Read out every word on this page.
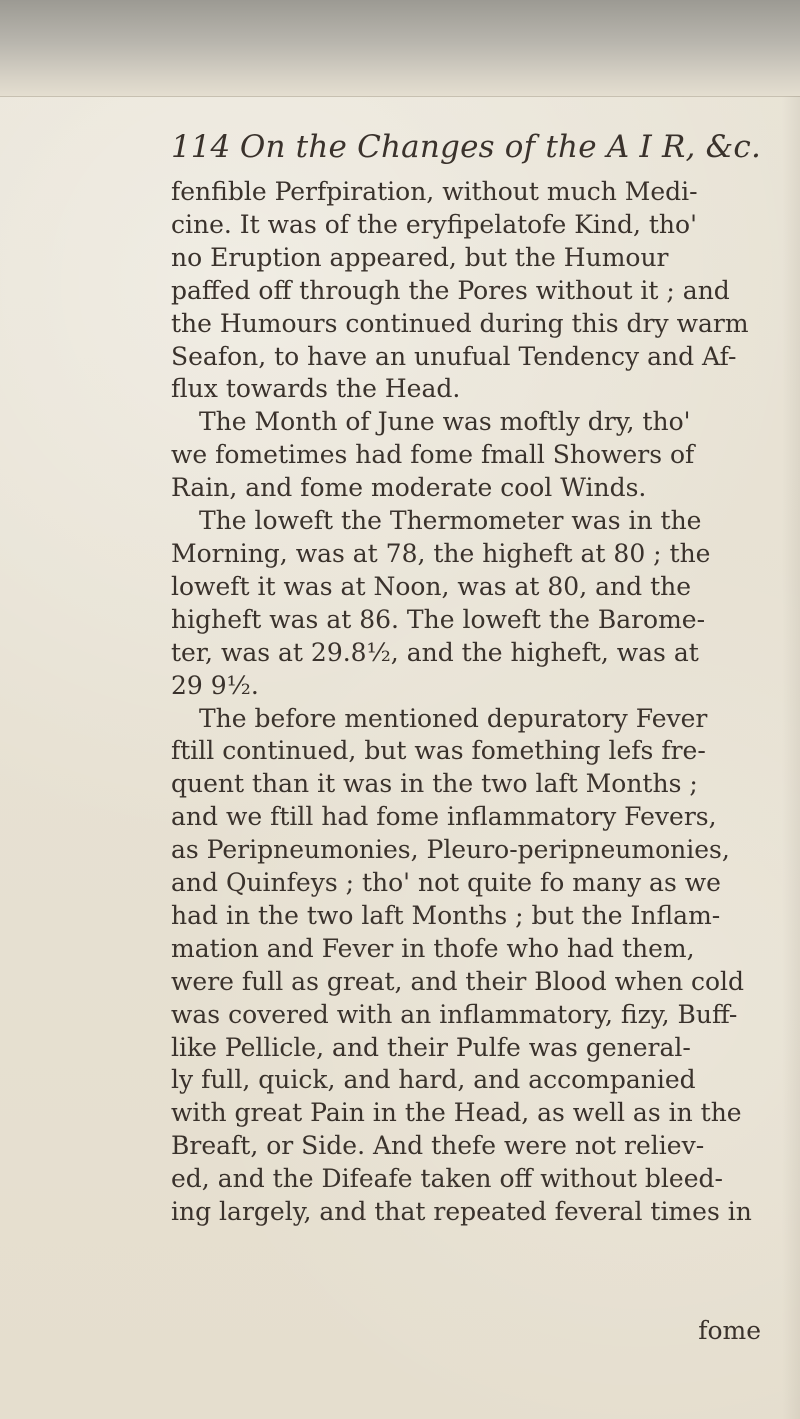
114 On the Changes of the A I R, &c.
fenfible Perfpiration, without much Medi-
cine. It was of the eryfipelatofe Kind, tho'
no Eruption appeared, but the Humour
paffed off through the Pores without it ; and
the Humours continued during this dry warm
Seafon, to have an unufual Tendency and Af-
flux towards the Head.
The Month of June was moftly dry, tho'
we fometimes had fome fmall Showers of
Rain, and fome moderate cool Winds.
The loweft the Thermometer was in the
Morning, was at 78, the higheft at 80 ; the
loweft it was at Noon, was at 80, and the
higheft was at 86. The loweft the Barome-
ter, was at 29.8½, and the higheft, was at
29 9½.
The before mentioned depuratory Fever
ftill continued, but was fomething lefs fre-
quent than it was in the two laft Months ;
and we ftill had fome inflammatory Fevers,
as Peripneumonies, Pleuro-peripneumonies,
and Quinfeys ; tho' not quite fo many as we
had in the two laft Months ; but the Inflam-
mation and Fever in thofe who had them,
were full as great, and their Blood when cold
was covered with an inflammatory, fizy, Buff-
like Pellicle, and their Pulfe was general-
ly full, quick, and hard, and accompanied
with great Pain in the Head, as well as in the
Breaft, or Side. And thefe were not reliev-
ed, and the Difeafe taken off without bleed-
ing largely, and that repeated feveral times in
fome
